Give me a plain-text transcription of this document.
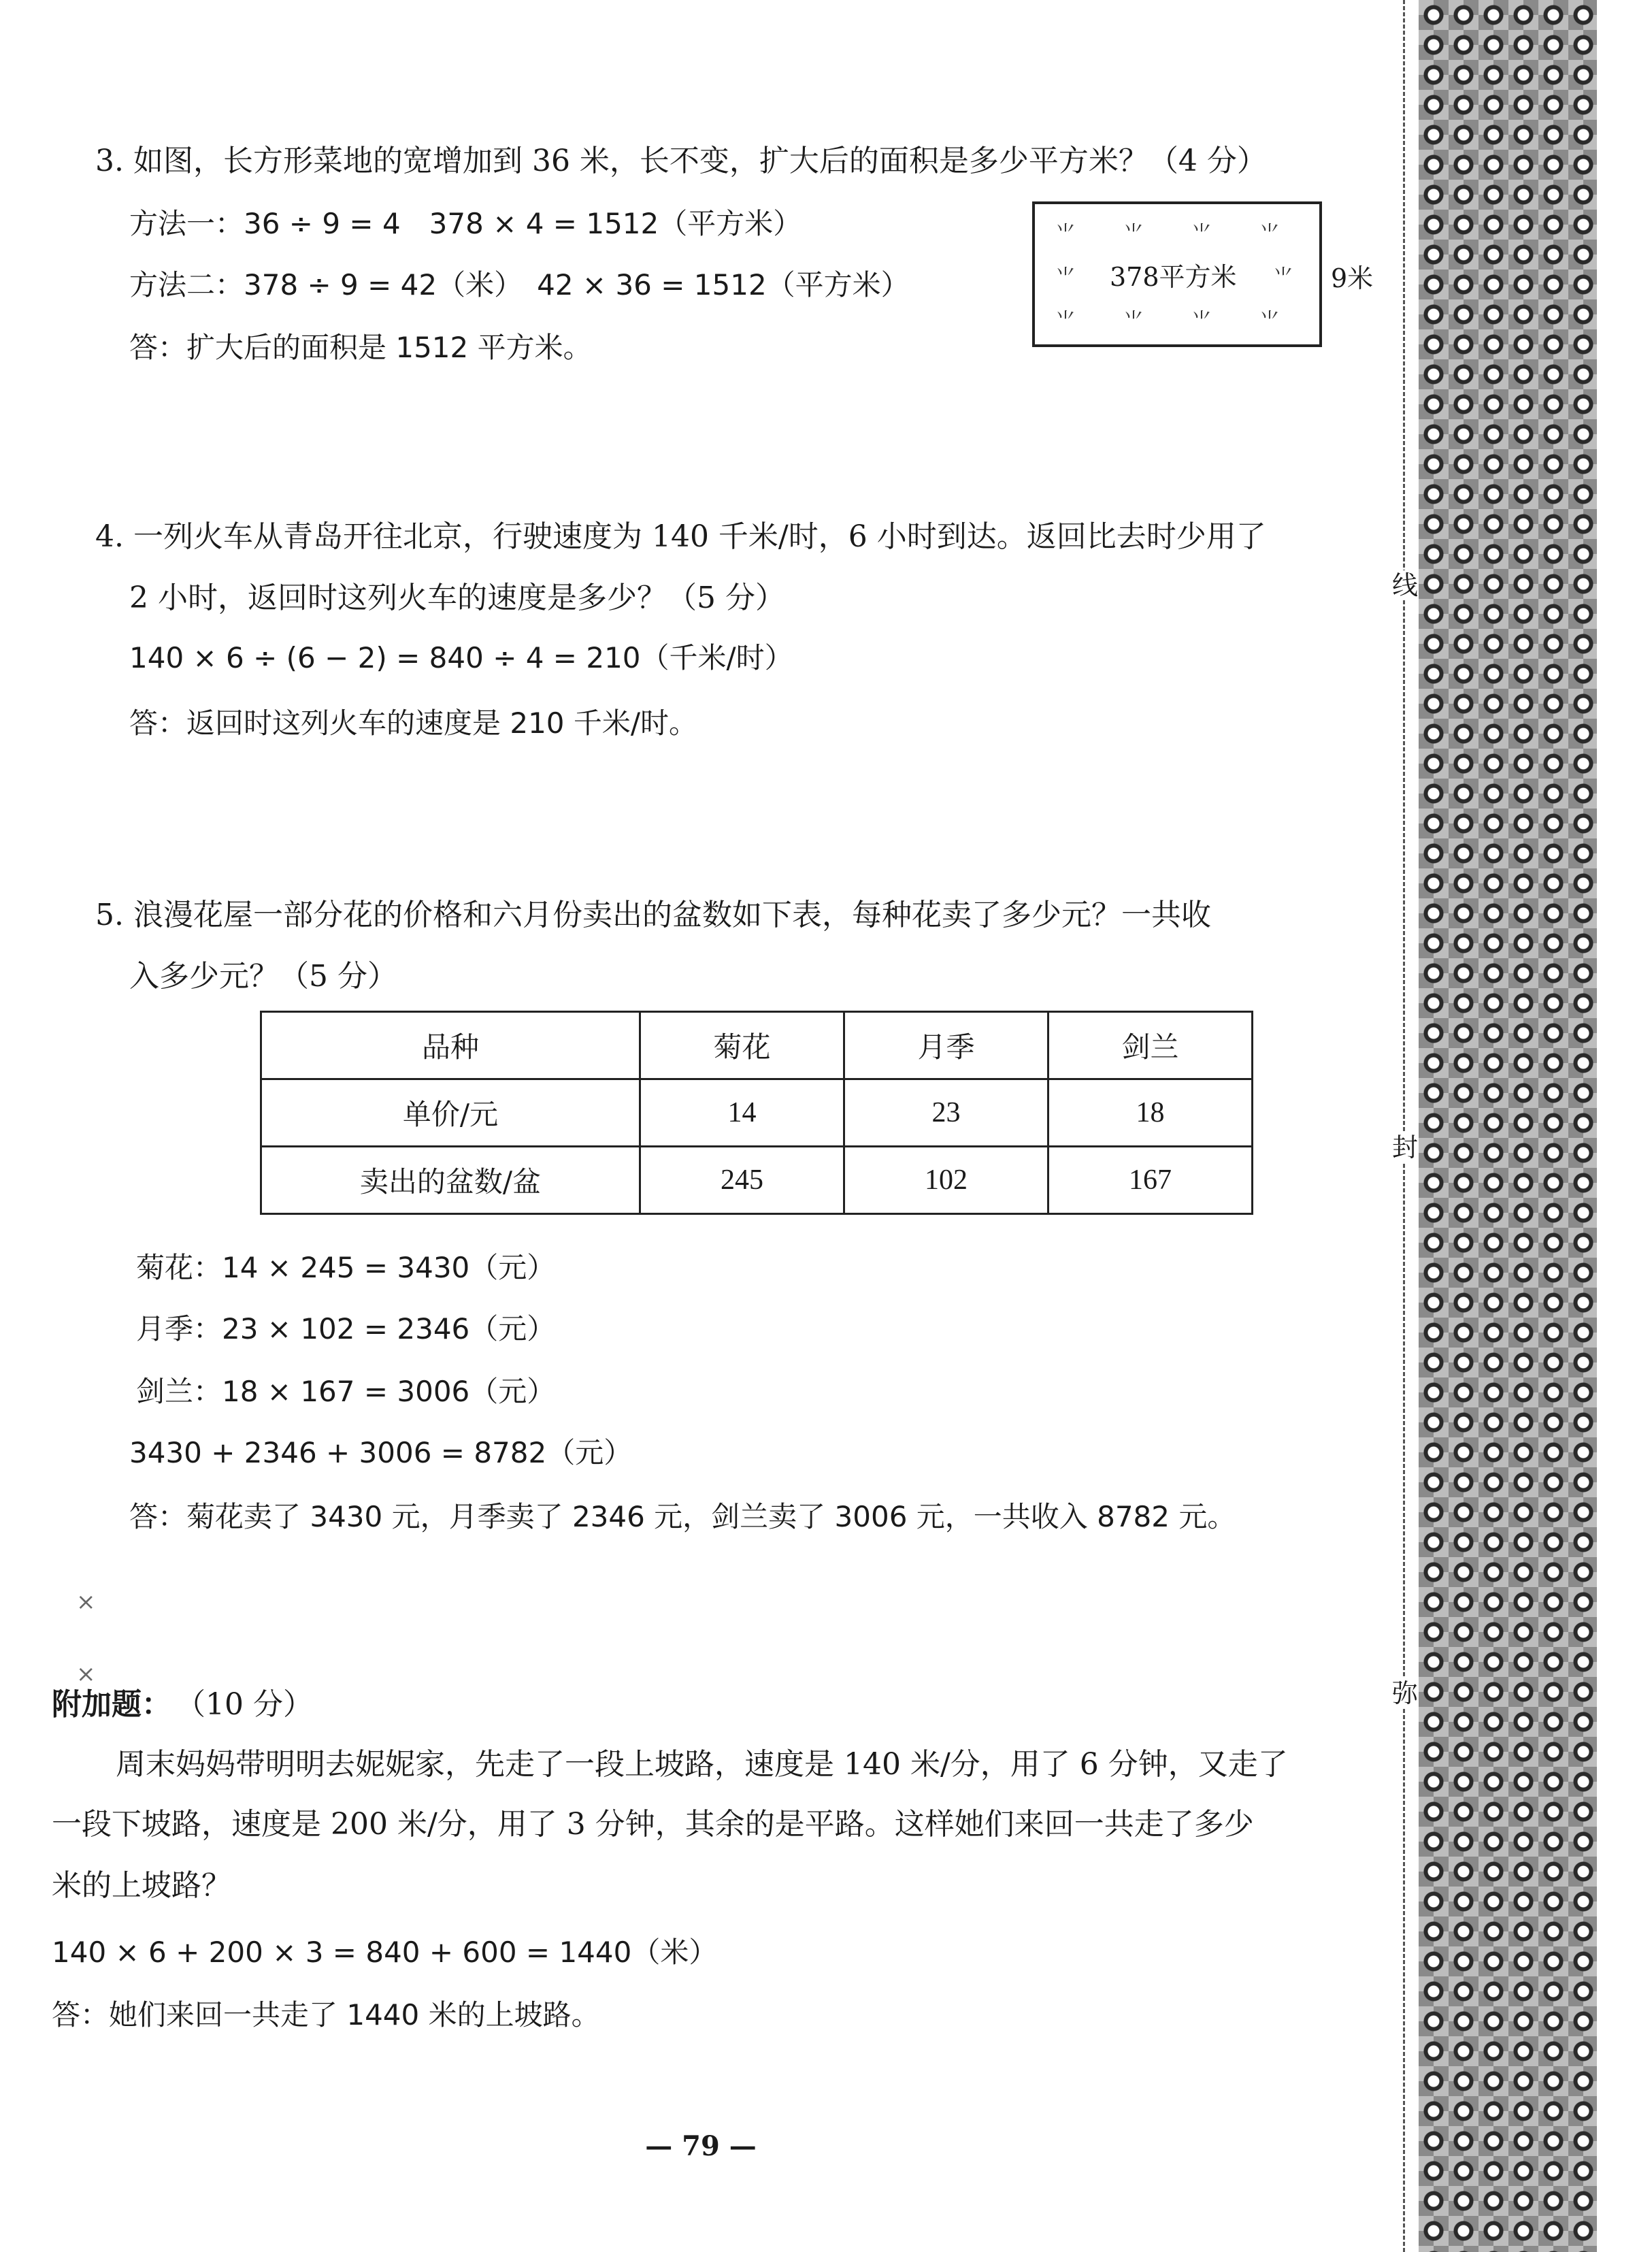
3. 如图，长方形菜地的宽增加到 36 米，长不变，扩大后的面积是多少平方米？（4 分）
方法一：36 ÷ 9 = 4　378 × 4 = 1512（平方米）
方法二：378 ÷ 9 = 42（米）　42 × 36 = 1512（平方米）
答：扩大后的面积是 1512 平方米。
⺌ ⺌ ⺌ ⺌
⺌	⺌
⺌ ⺌ ⺌ ⺌
378平方米	9米
4. 一列火车从青岛开往北京，行驶速度为 140 千米/时，6 小时到达。返回比去时少用了
2 小时，返回时这列火车的速度是多少？（5 分）
140 × 6 ÷ (6 − 2) = 840 ÷ 4 = 210（千米/时）
答：返回时这列火车的速度是 210 千米/时。
5. 浪漫花屋一部分花的价格和六月份卖出的盆数如下表，每种花卖了多少元？一共收
入多少元？（5 分）
品种	菊花	月季	剑兰
单价/元	14	23	18
卖出的盆数/盆	245	102	167
菊花：14 × 245 = 3430（元）
月季：23 × 102 = 2346（元）
剑兰：18 × 167 = 3006（元）
3430 + 2346 + 3006 = 8782（元）
答：菊花卖了 3430 元，月季卖了 2346 元，剑兰卖了 3006 元，一共收入 8782 元。
附加题： （10 分）
周末妈妈带明明去妮妮家，先走了一段上坡路，速度是 140 米/分，用了 6 分钟，又走了
一段下坡路，速度是 200 米/分，用了 3 分钟，其余的是平路。这样她们来回一共走了多少
米的上坡路？
140 × 6 + 200 × 3 = 840 + 600 = 1440（米）
答：她们来回一共走了 1440 米的上坡路。
×
×
— 79 —
线
封
弥
